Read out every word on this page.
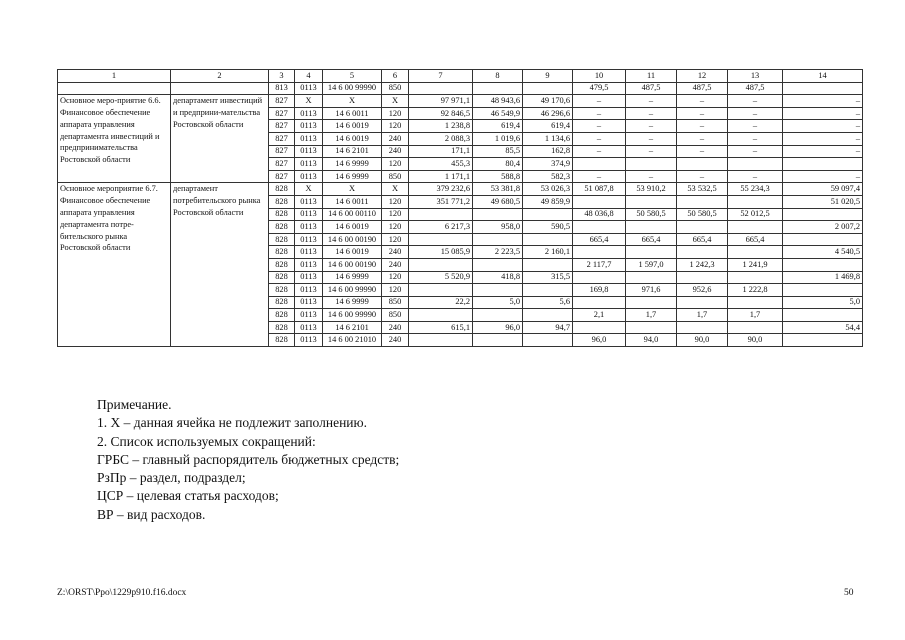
1	2	3	4	5	6	7	8	9	10	11	12	13	14
		813	0113	14 6 00 99990	850				479,5	487,5	487,5	487,5	
Основное меро-приятие 6.6. Финансовое обеспечение аппарата управления департамента инвестиций и предпринимательства Ростовской области	департамент инвестиций и предприни-мательства Ростовской области	827	X	X	X	97 971,1	48 943,6	49 170,6	–	–	–	–	–
		827	0113	14 6 0011	120	92 846,5	46 549,9	46 296,6	–	–	–	–	–
		827	0113	14 6 0019	120	1 238,8	619,4	619,4	–	–	–	–	–
		827	0113	14 6 0019	240	2 088,3	1 019,6	1 134,6	–	–	–	–	–
		827	0113	14 6 2101	240	171,1	85,5	162,8	–	–	–	–	–
		827	0113	14 6 9999	120	455,3	80,4	374,9					
		827	0113	14 6 9999	850	1 171,1	588,8	582,3	–	–	–	–	–
Основное мероприятие 6.7. Финансовое обеспечение аппарата управления департамента потре-бительского рынка Ростовской области	департамент потребительского рынка Ростовской области	828	X	X	X	379 232,6	53 381,8	53 026,3	51 087,8	53 910,2	53 532,5	55 234,3	59 097,4
		828	0113	14 6 0011	120	351 771,2	49 680,5	49 859,9					51 020,5
		828	0113	14 6 00 00110	120				48 036,8	50 580,5	50 580,5	52 012,5	
		828	0113	14 6 0019	120	6 217,3	958,0	590,5					2 007,2
		828	0113	14 6 00 00190	120				665,4	665,4	665,4	665,4	
		828	0113	14 6 0019	240	15 085,9	2 223,5	2 160,1					4 540,5
		828	0113	14 6 00 00190	240				2 117,7	1 597,0	1 242,3	1 241,9	
		828	0113	14 6 9999	120	5 520,9	418,8	315,5					1 469,8
		828	0113	14 6 00 99990	120				169,8	971,6	952,6	1 222,8	
		828	0113	14 6 9999	850	22,2	5,0	5,6					5,0
		828	0113	14 6 00 99990	850				2,1	1,7	1,7	1,7	
		828	0113	14 6 2101	240	615,1	96,0	94,7					54,4
		828	0113	14 6 00 21010	240				96,0	94,0	90,0	90,0	
Примечание.
1. Х – данная ячейка не подлежит заполнению.
2. Список используемых сокращений:
ГРБС – главный распорядитель бюджетных средств;
РзПр – раздел, подраздел;
ЦСР – целевая статья расходов;
ВР – вид расходов.
Z:\ORST\Ppo\1229p910.f16.docx	50
